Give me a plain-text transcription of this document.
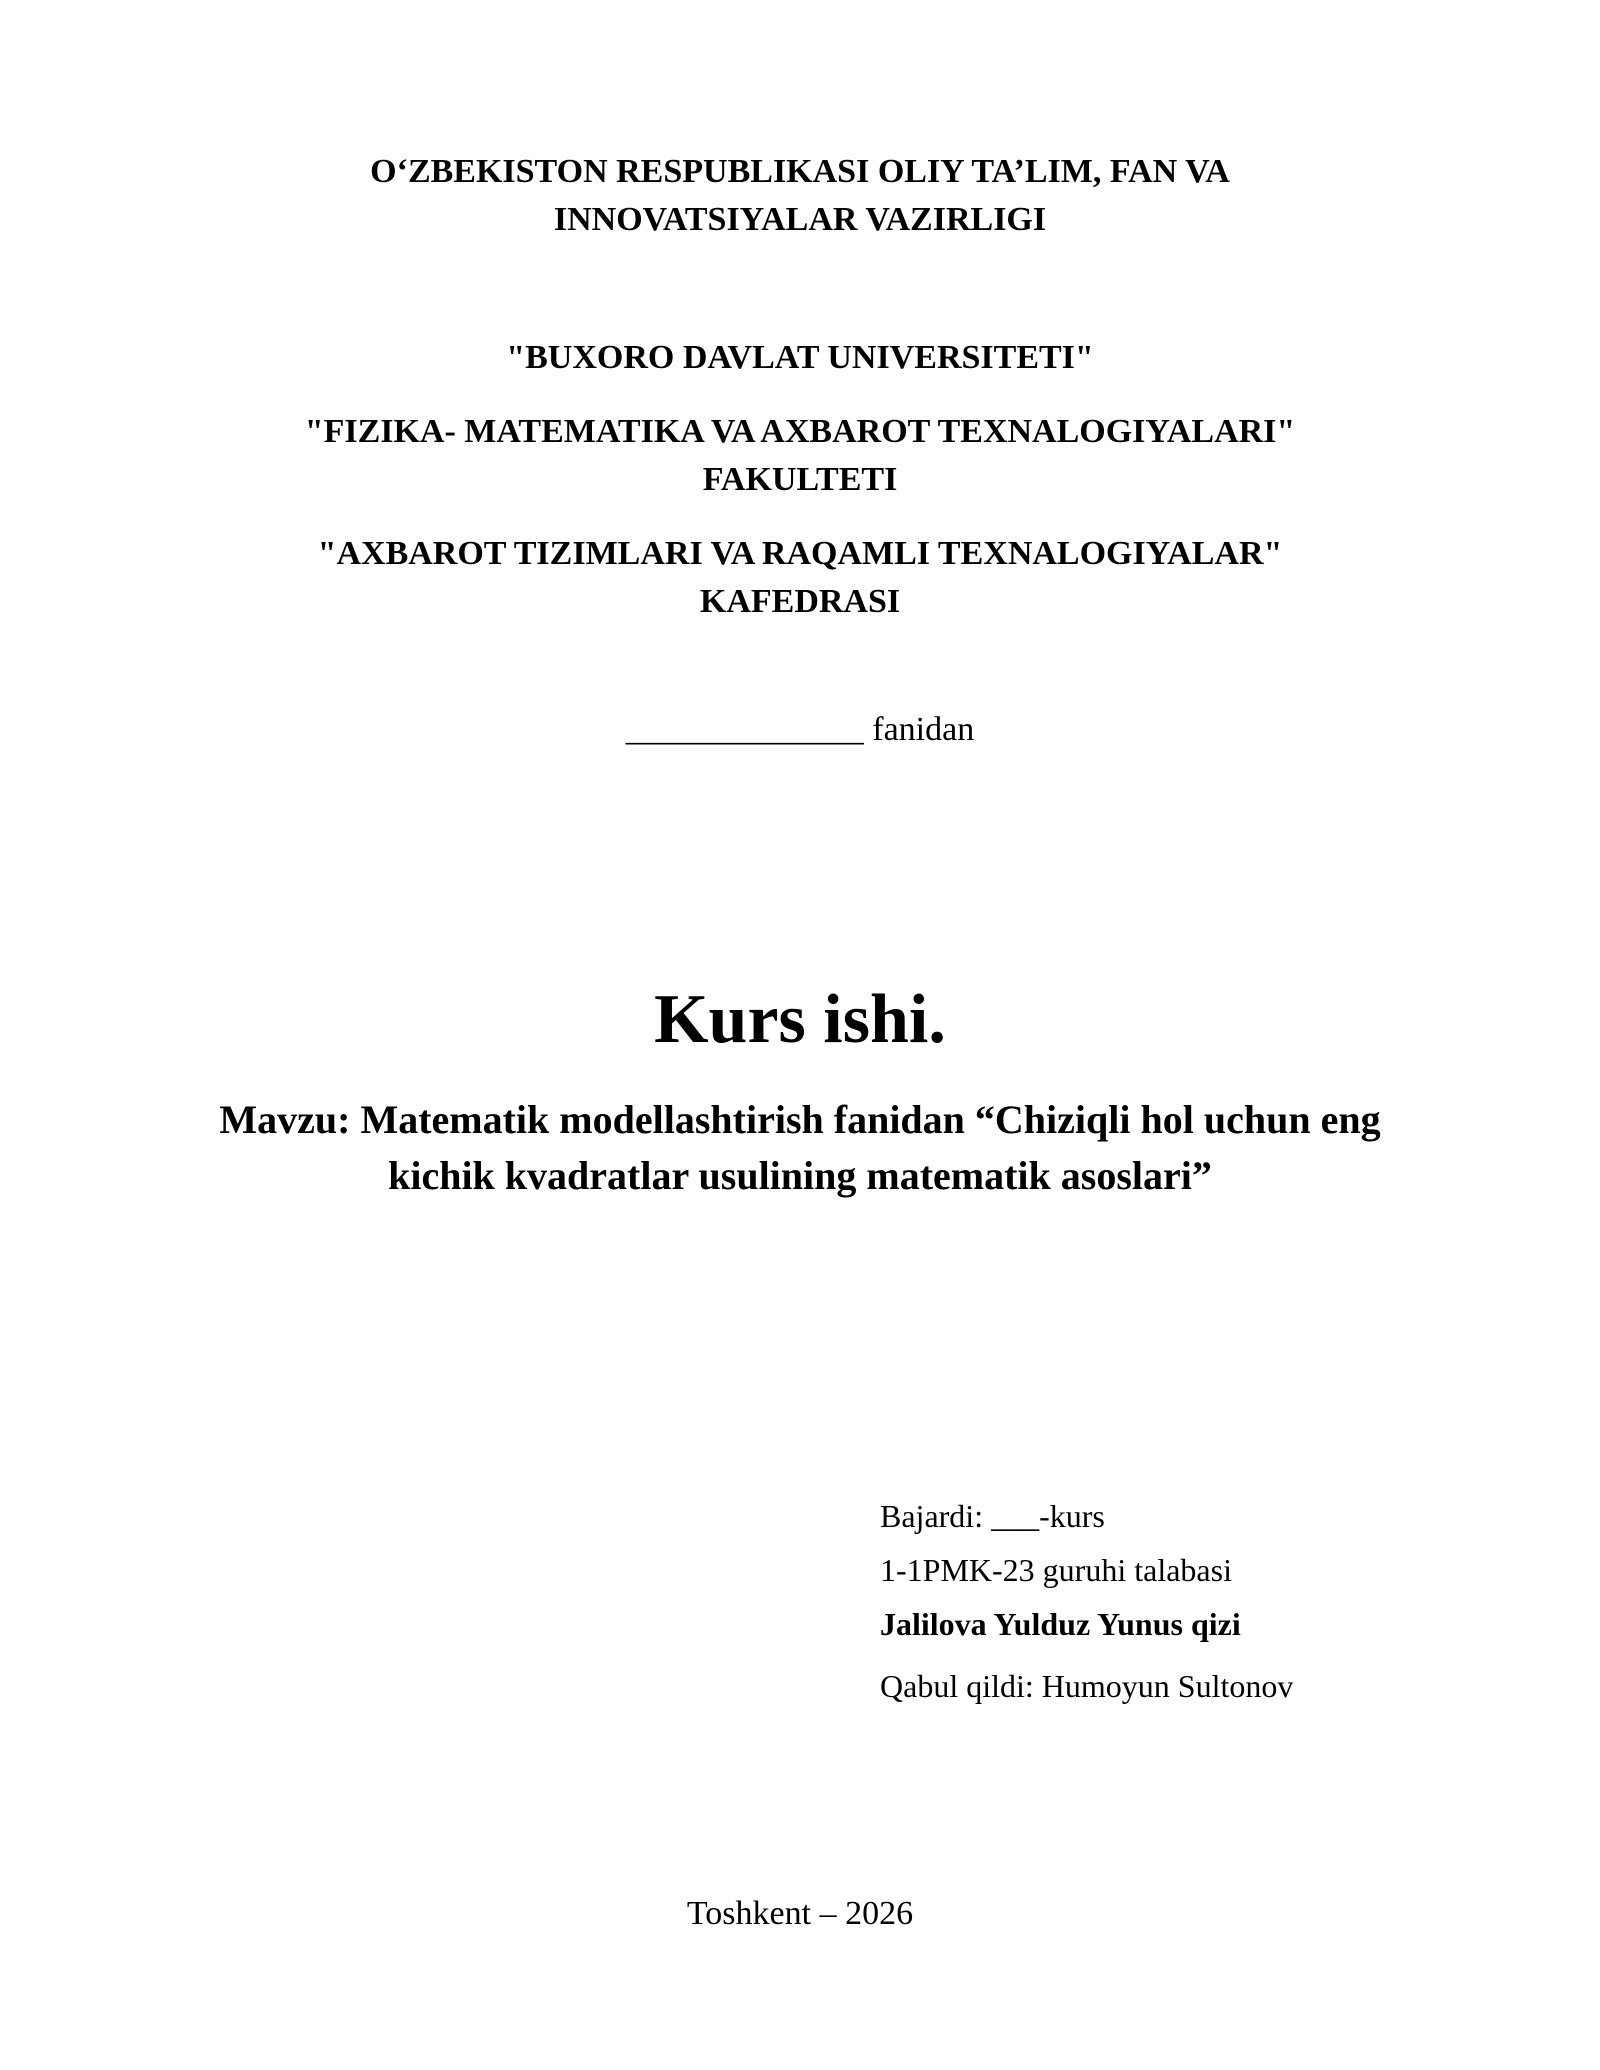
O‘ZBEKISTON RESPUBLIKASI OLIY TA’LIM, FAN VA

INNOVATSIYALAR VAZIRLIGI

"BUXORO DAVLAT UNIVERSITETI"

"FIZIKA- MATEMATIKA VA AXBAROT TEXNALOGIYALARI"

FAKULTETI

"AXBAROT TIZIMLARI VA RAQAMLI TEXNALOGIYALAR"

KAFEDRASI

______________ fanidan

Kurs ishi.

Mavzu: Matematik modellashtirish fanidan “Chiziqli hol uchun eng

kichik kvadratlar usulining matematik asoslari”

Bajardi: ___-kurs

1-1PMK-23 guruhi talabasi

Jalilova Yulduz Yunus qizi

Qabul qildi: Humoyun Sultonov

Toshkent – 2026
